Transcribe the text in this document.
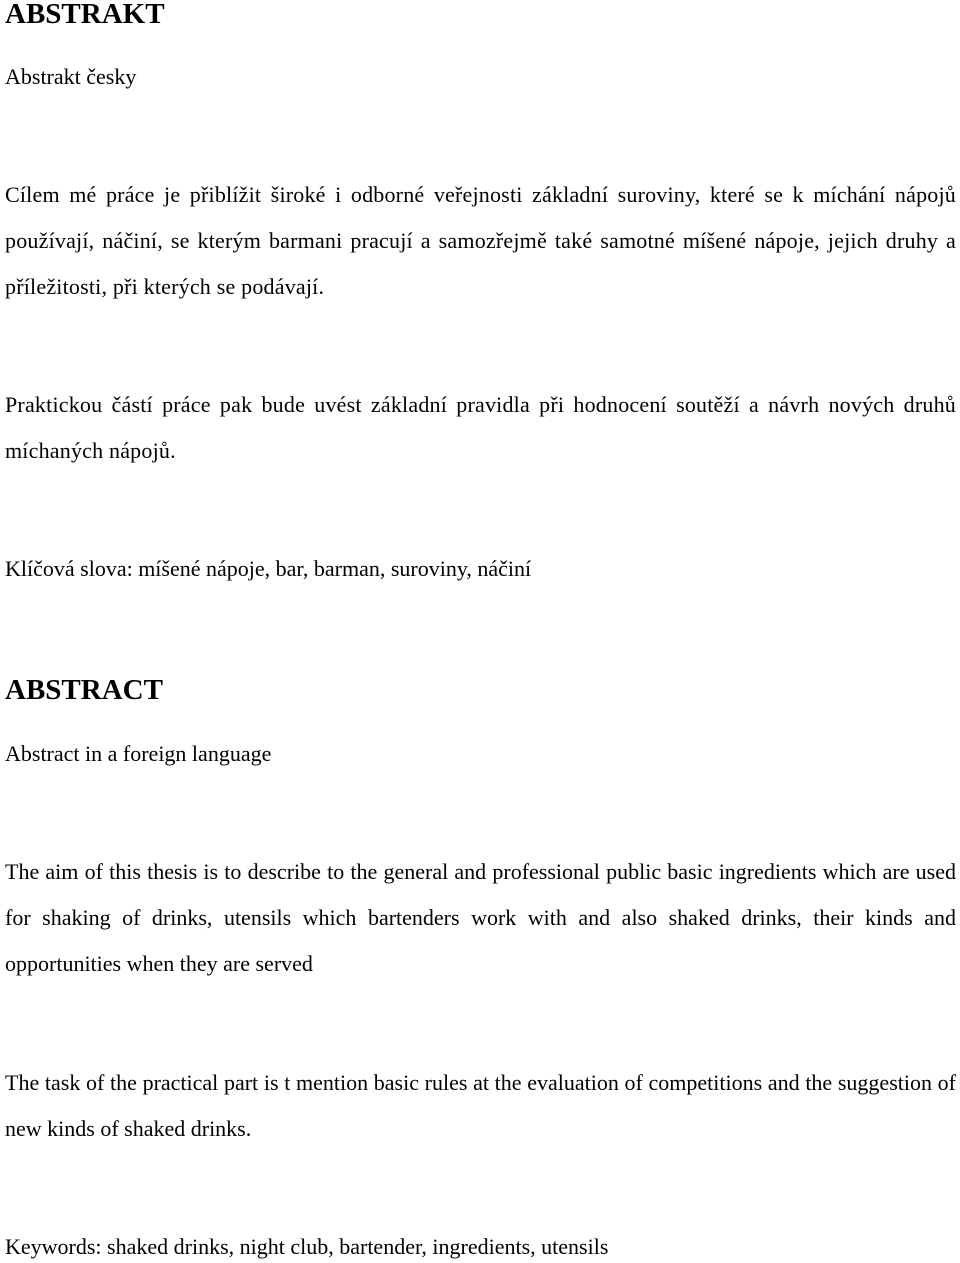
ABSTRAKT

Abstrakt česky

Cílem mé práce je přiblížit široké i odborné veřejnosti základní suroviny, které se k míchání nápojů používají, náčiní, se kterým barmani pracují a samozřejmě také samotné míšené nápoje, jejich druhy a příležitosti, při kterých se podávají.

Praktickou částí práce pak bude uvést základní pravidla při hodnocení soutěží a návrh nových druhů míchaných nápojů.

Klíčová slova: míšené nápoje, bar, barman, suroviny, náčiní

ABSTRACT

Abstract in a foreign language

The aim of this thesis is to describe to the general and professional public basic ingredients which are used for shaking of drinks, utensils which bartenders work with and also shaked drinks, their kinds and opportunities when they are served

The task of the practical part is t mention basic rules at the evaluation of competitions and the suggestion of new kinds of shaked drinks.

Keywords: shaked drinks, night club, bartender, ingredients, utensils
